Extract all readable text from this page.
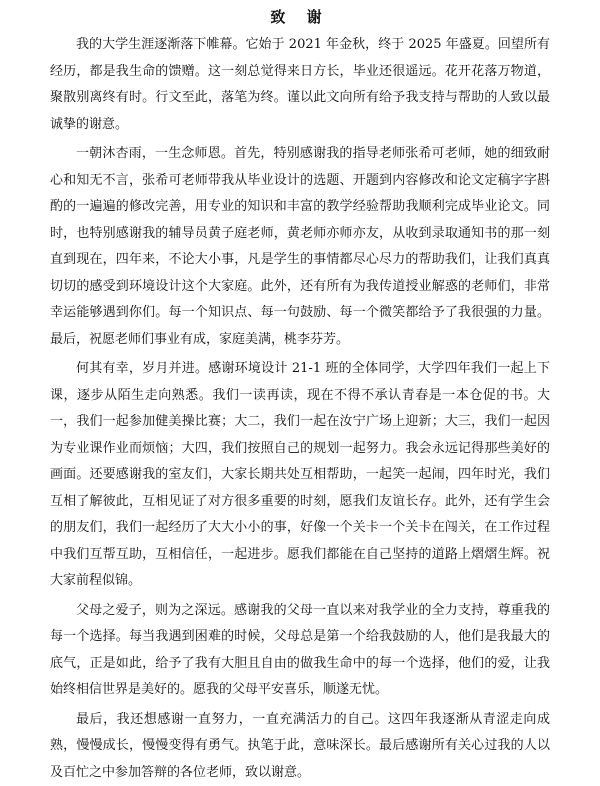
致 谢

我的大学生涯逐渐落下帷幕。它始于 2021 年金秋，终于 2025 年盛夏。回望所有经历，都是我生命的馈赠。这一刻总觉得来日方长，毕业还很遥远。花开花落万物道，聚散别离终有时。行文至此，落笔为终。谨以此文向所有给予我支持与帮助的人致以最诚挚的谢意。

一朝沐杏雨，一生念师恩。首先，特别感谢我的指导老师张希可老师，她的细致耐心和知无不言，张希可老师带我从毕业设计的选题、开题到内容修改和论文定稿字字斟酌的一遍遍的修改完善，用专业的知识和丰富的教学经验帮助我顺利完成毕业论文。同时，也特别感谢我的辅导员黄子庭老师，黄老师亦师亦友，从收到录取通知书的那一刻直到现在，四年来，不论大小事，凡是学生的事情都尽心尽力的帮助我们，让我们真真切切的感受到环境设计这个大家庭。此外，还有所有为我传道授业解惑的老师们，非常幸运能够遇到你们。每一个知识点、每一句鼓励、每一个微笑都给予了我很强的力量。最后，祝愿老师们事业有成，家庭美满，桃李芬芳。

何其有幸，岁月并进。感谢环境设计 21-1 班的全体同学，大学四年我们一起上下课，逐步从陌生走向熟悉。我们一读再读，现在不得不承认青春是一本仓促的书。大一，我们一起参加健美操比赛；大二，我们一起在汝宁广场上迎新；大三，我们一起因为专业课作业而烦恼；大四，我们按照自己的规划一起努力。我会永远记得那些美好的画面。还要感谢我的室友们，大家长期共处互相帮助，一起笑一起闹，四年时光，我们互相了解彼此，互相见证了对方很多重要的时刻，愿我们友谊长存。此外，还有学生会的朋友们，我们一起经历了大大小小的事，好像一个关卡一个关卡在闯关，在工作过程中我们互帮互助，互相信任，一起进步。愿我们都能在自己坚持的道路上熠熠生辉。祝大家前程似锦。

父母之爱子，则为之深远。感谢我的父母一直以来对我学业的全力支持，尊重我的每一个选择。每当我遇到困难的时候，父母总是第一个给我鼓励的人，他们是我最大的底气，正是如此，给予了我有大胆且自由的做我生命中的每一个选择，他们的爱，让我始终相信世界是美好的。愿我的父母平安喜乐，顺遂无忧。

最后，我还想感谢一直努力，一直充满活力的自己。这四年我逐渐从青涩走向成熟，慢慢成长，慢慢变得有勇气。执笔于此，意味深长。最后感谢所有关心过我的人以及百忙之中参加答辩的各位老师，致以谢意。
